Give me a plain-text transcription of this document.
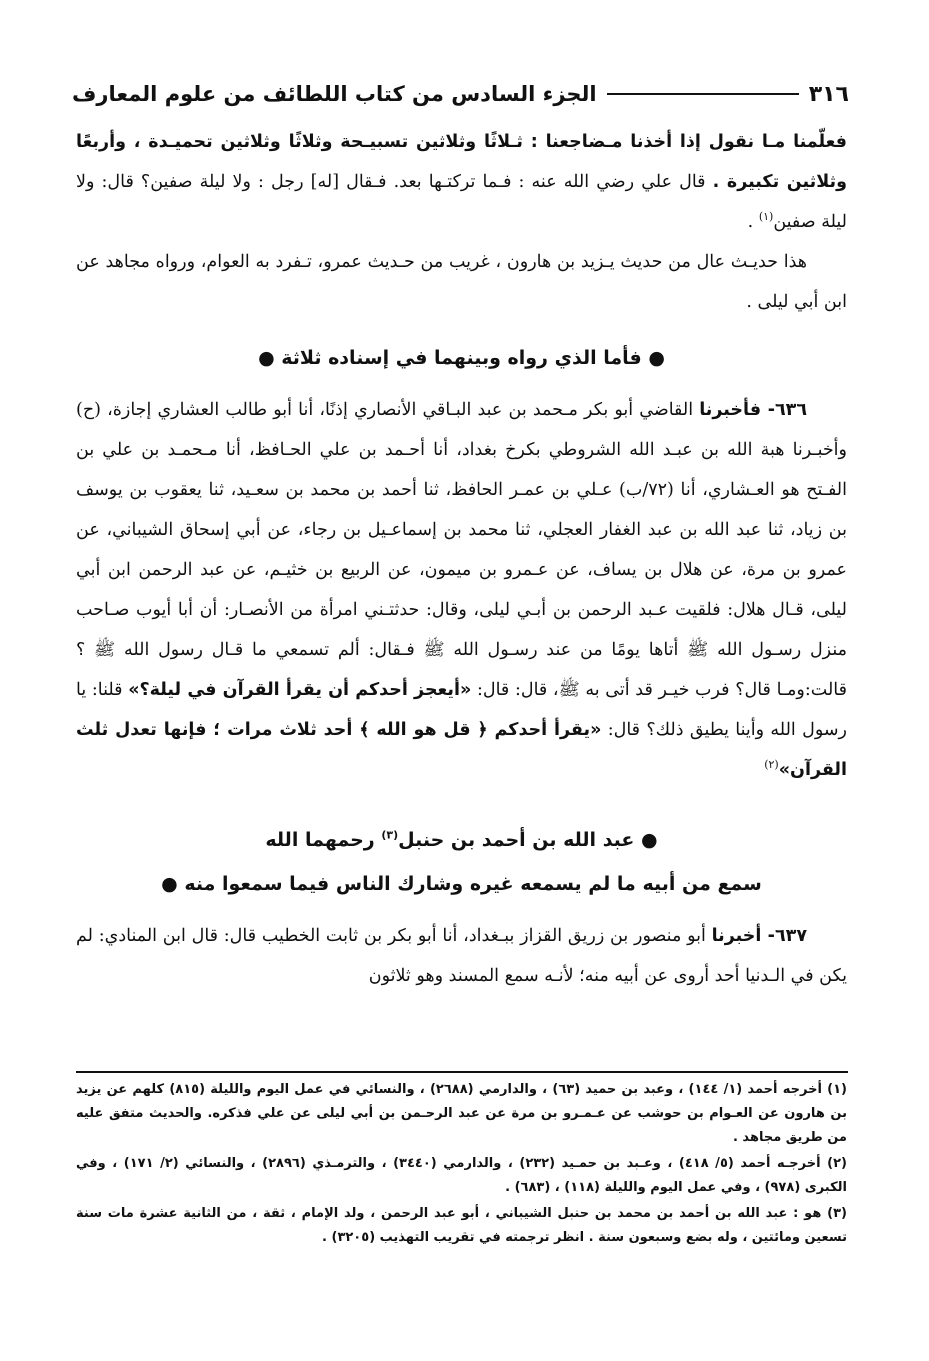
٣١٦
الجزء السادس من كتاب اللطائف من علوم المعارف

فعلّمنا مـا نقول إذا أخذنا مـضاجعنا : ثـلاثًا وثلاثين تسبيـحة وثلاثًا وثلاثين تحميـدة ، وأربعًا وثلاثين تكبيرة . قال علي رضي الله عنه : فـما تركتـها بعد. فـقال [له] رجل : ولا ليلة صفين؟ قال: ولا ليلة صفين$^{(١)}$ .

هذا حديـث عال من حديث يـزيد بن هارون ، غريب من حـديث عمرو، تـفرد به العوام، ورواه مجاهد عن ابن أبي ليلى .

● فأما الذي رواه وبينهما في إسناده ثلاثة ●

٦٣٦- فأخبرنا القاضي أبو بكر مـحمد بن عبد البـاقي الأنصاري إذنًا، أنا أبو طالب العشاري إجازة، (ح) وأخبـرنا هبة الله بن عبـد الله الشروطي بكرخ بغداد، أنا أحـمد بن علي الحـافظ، أنا مـحمـد بن علي بن الفـتح هو العـشاري، أنا (٧٢/ب) عـلي بن عمـر الحافظ، ثنا أحمد بن محمد بن سعـيد، ثنا يعقوب بن يوسف بن زياد، ثنا عبد الله بن عبد الغفار العجلي، ثنا محمد بن إسماعـيل بن رجاء، عن أبي إسحاق الشيباني، عن عمرو بن مرة، عن هلال بن يساف، عن عـمرو بن ميمون، عن الربيع بن خثيـم، عن عبد الرحمن ابن أبي ليلى، قـال هلال: فلقيت عـبد الرحمن بن أبـي ليلى، وقال: حدثتـني امرأة من الأنصـار: أن أبا أيوب صـاحب منزل رسـول الله ﷺ أتاها يومًا من عند رسـول الله ﷺ فـقال: ألم تسمعي ما قـال رسول الله ﷺ ؟ قالت:ومـا قال؟ فرب خيـر قد أتى به ﷺ، قال: قال: «أيعجز أحدكم أن يقرأ القرآن في ليلة؟» قلنا: يا رسول الله وأينا يطيق ذلك؟ قال: «يقرأ أحدكم ﴿ قل هو الله ﴾ أحد ثلاث مرات ؛ فإنها تعدل ثلث القرآن»$^{(٢)}$

● عبد الله بن أحمد بن حنبل$^{(٣)}$ رحمهما الله
سمع من أبيه ما لم يسمعه غيره وشارك الناس فيما سمعوا منه ●

٦٣٧- أخبرنا أبو منصور بن زريق القزاز ببـغداد، أنا أبو بكر بن ثابت الخطيب قال: قال ابن المنادي: لم يكن في الـدنيا أحد أروى عن أبيه منه؛ لأنـه سمع المسند وهو ثلاثون

(١) أخرجه أحمد (١/ ١٤٤) ، وعبد بن حميد (٦٣) ، والدارمي (٢٦٨٨) ، والنسائي في عمل اليوم والليلة (٨١٥) كلهم عن يزيد بن هارون عن العـوام بن حوشب عن عـمـرو بن مرة عن عبد الرحـمن بن أبي ليلى عن علي فذكره. والحديث متفق عليه من طريق مجاهد .

(٢) أخرجـه أحمد (٥/ ٤١٨) ، وعـبد بن حمـيد (٢٣٢) ، والدارمي (٣٤٤٠) ، والترمـذي (٢٨٩٦) ، والنسائي (٢/ ١٧١) ، وفي الكبرى (٩٧٨) ، وفي عمل اليوم والليلة (١١٨) ، (٦٨٣) .

(٣) هو : عبد الله بن أحمد بن محمد بن حنبل الشيباني ، أبو عبد الرحمن ، ولد الإمام ، ثقة ، من الثانية عشرة مات سنة تسعين ومائتين ، وله بضع وسبعون سنة . انظر ترجمته في تقريب التهذيب (٣٢٠٥) .
